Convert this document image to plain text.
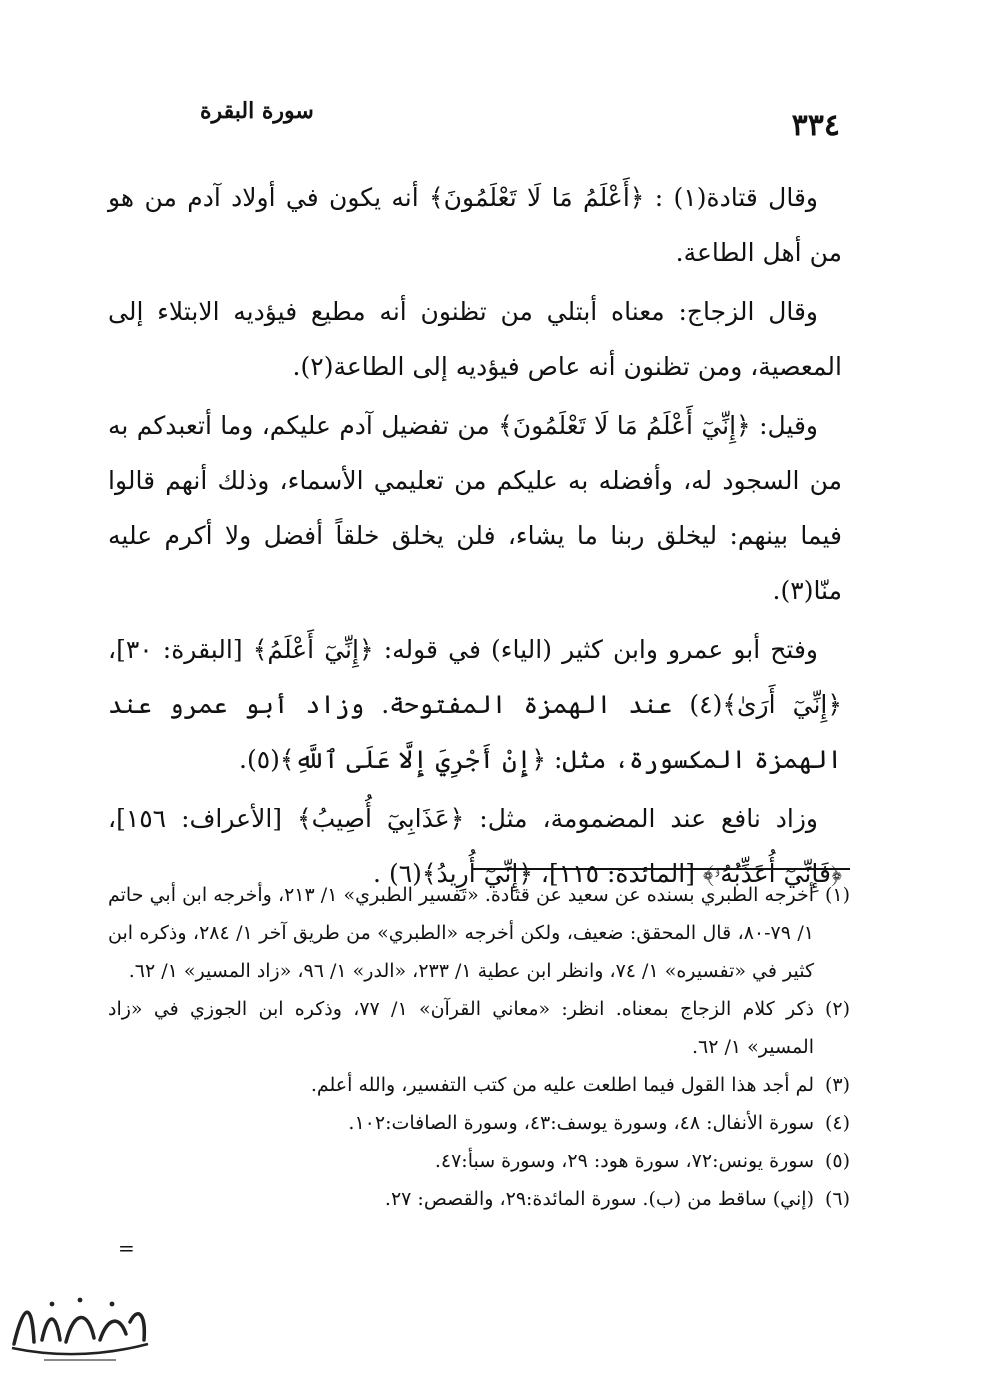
سورة البقرة	٣٣٤

وقال قتادة(١) : ﴿أَعْلَمُ مَا لَا تَعْلَمُونَ﴾ أنه يكون في أولاد آدم من هو من أهل الطاعة.

وقال الزجاج: معناه أبتلي من تظنون أنه مطيع فيؤديه الابتلاء إلى المعصية، ومن تظنون أنه عاص فيؤديه إلى الطاعة(٢).

وقيل: ﴿إِنِّيٓ أَعْلَمُ مَا لَا تَعْلَمُونَ﴾ من تفضيل آدم عليكم، وما أتعبدكم به من السجود له، وأفضله به عليكم من تعليمي الأسماء، وذلك أنهم قالوا فيما بينهم: ليخلق ربنا ما يشاء، فلن يخلق خلقاً أفضل ولا أكرم عليه منّا(٣).

وفتح أبو عمرو وابن كثير (الياء) في قوله: ﴿إِنِّيٓ أَعْلَمُ﴾ [البقرة: ٣٠]، ﴿إِنِّيٓ أَرَىٰ﴾(٤) عند الهمزة المفتوحة. وزاد أبو عمرو عند الهمزة المكسورة، مثل: ﴿إِنْ أَجْرِيَ إِلَّا عَلَى ٱللَّهِ﴾(٥).

وزاد نافع عند المضمومة، مثل: ﴿عَذَابِيٓ أُصِيبُ﴾ [الأعراف: ١٥٦]، ﴿فَإِنِّيٓ أُعَذِّبُهُۥ﴾ [المائدة: ١١٥]، ﴿إِنِّيٓ أُرِيدُ﴾(٦) .

(١)
أخرجه الطبري بسنده عن سعيد عن قتادة. «تفسير الطبري» ١/ ٢١٣، وأخرجه ابن أبي حاتم ١/ ٧٩-٨٠، قال المحقق: ضعيف، ولكن أخرجه «الطبري» من طريق آخر ١/ ٢٨٤، وذكره ابن كثير في «تفسيره» ١/ ٧٤، وانظر ابن عطية ١/ ٢٣٣، «الدر» ١/ ٩٦، «زاد المسير» ١/ ٦٢.

(٢)
ذكر كلام الزجاج بمعناه. انظر: «معاني القرآن» ١/ ٧٧، وذكره ابن الجوزي في «زاد المسير» ١/ ٦٢.

(٣)
لم أجد هذا القول فيما اطلعت عليه من كتب التفسير، والله أعلم.

(٤)
سورة الأنفال: ٤٨، وسورة يوسف:٤٣، وسورة الصافات:١٠٢.

(٥)
سورة يونس:٧٢، سورة هود: ٢٩، وسورة سبأ:٤٧.

(٦)
(إني) ساقط من (ب). سورة المائدة:٢٩، والقصص: ٢٧.

=
